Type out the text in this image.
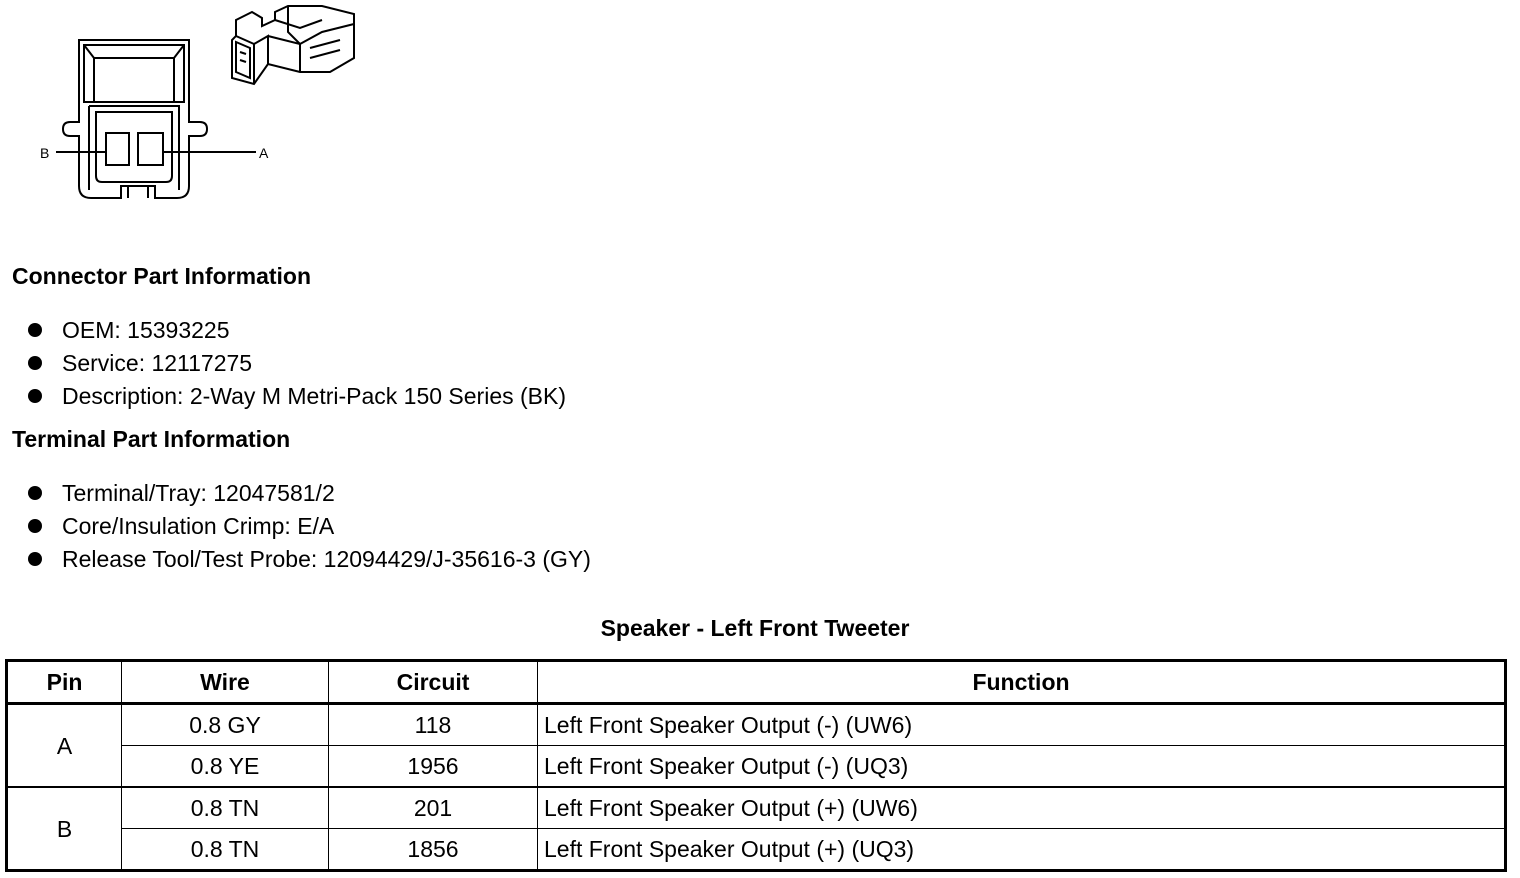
B	A
Connector Part Information
OEM: 15393225
Service: 12117275
Description: 2-Way M Metri-Pack 150 Series (BK)
Terminal Part Information
Terminal/Tray: 12047581/2
Core/Insulation Crimp: E/A
Release Tool/Test Probe: 12094429/J-35616-3 (GY)
Speaker - Left Front Tweeter
Pin	Wire	Circuit	Function
A	0.8 GY	118	Left Front Speaker Output (-) (UW6)
	0.8 YE	1956	Left Front Speaker Output (-) (UQ3)
B	0.8 TN	201	Left Front Speaker Output (+) (UW6)
	0.8 TN	1856	Left Front Speaker Output (+) (UQ3)
